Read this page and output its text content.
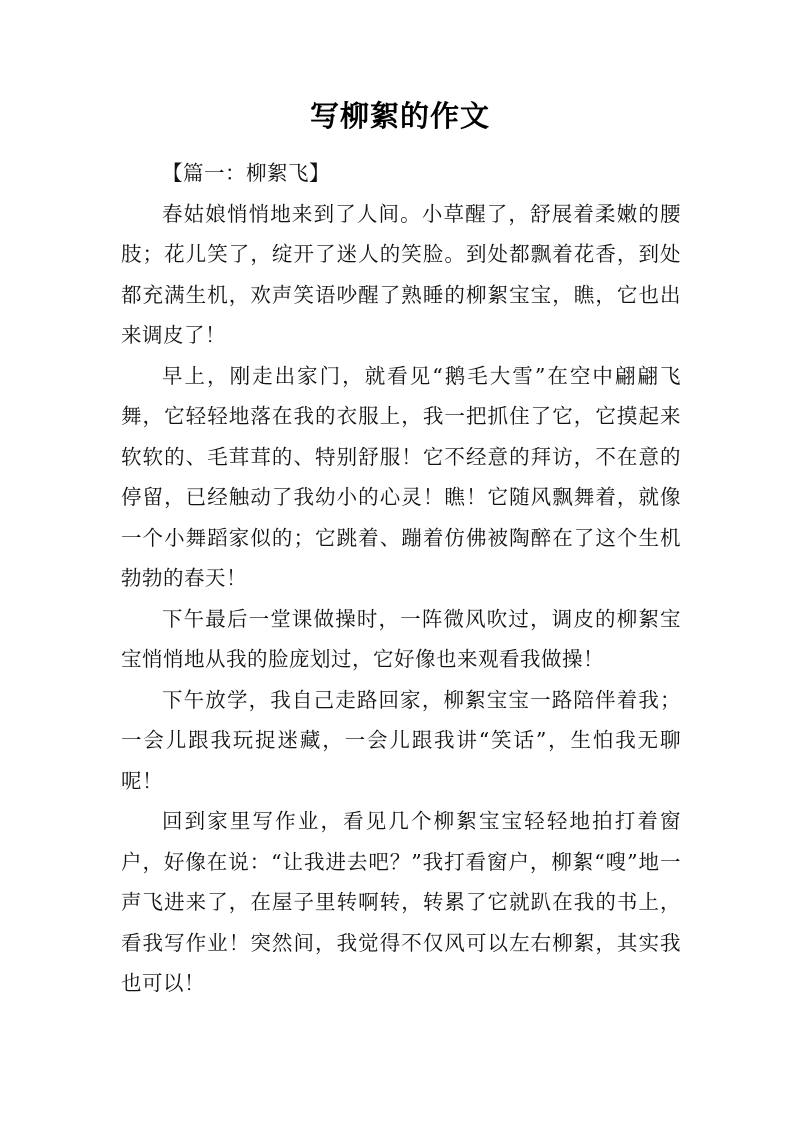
写柳絮的作文

【篇一：柳絮飞】

春姑娘悄悄地来到了人间。小草醒了，舒展着柔嫩的腰肢；花儿笑了，绽开了迷人的笑脸。到处都飘着花香，到处都充满生机，欢声笑语吵醒了熟睡的柳絮宝宝，瞧，它也出来调皮了！

早上，刚走出家门，就看见“鹅毛大雪”在空中翩翩飞舞，它轻轻地落在我的衣服上，我一把抓住了它，它摸起来软软的、毛茸茸的、特别舒服！它不经意的拜访，不在意的停留，已经触动了我幼小的心灵！瞧！它随风飘舞着，就像一个小舞蹈家似的；它跳着、蹦着仿佛被陶醉在了这个生机勃勃的春天！

下午最后一堂课做操时，一阵微风吹过，调皮的柳絮宝宝悄悄地从我的脸庞划过，它好像也来观看我做操！

下午放学，我自己走路回家，柳絮宝宝一路陪伴着我；一会儿跟我玩捉迷藏，一会儿跟我讲“笑话”，生怕我无聊呢！

回到家里写作业，看见几个柳絮宝宝轻轻地拍打着窗户，好像在说：“让我进去吧？”我打看窗户，柳絮“嗖”地一声飞进来了，在屋子里转啊转，转累了它就趴在我的书上，看我写作业！突然间，我觉得不仅风可以左右柳絮，其实我也可以！
